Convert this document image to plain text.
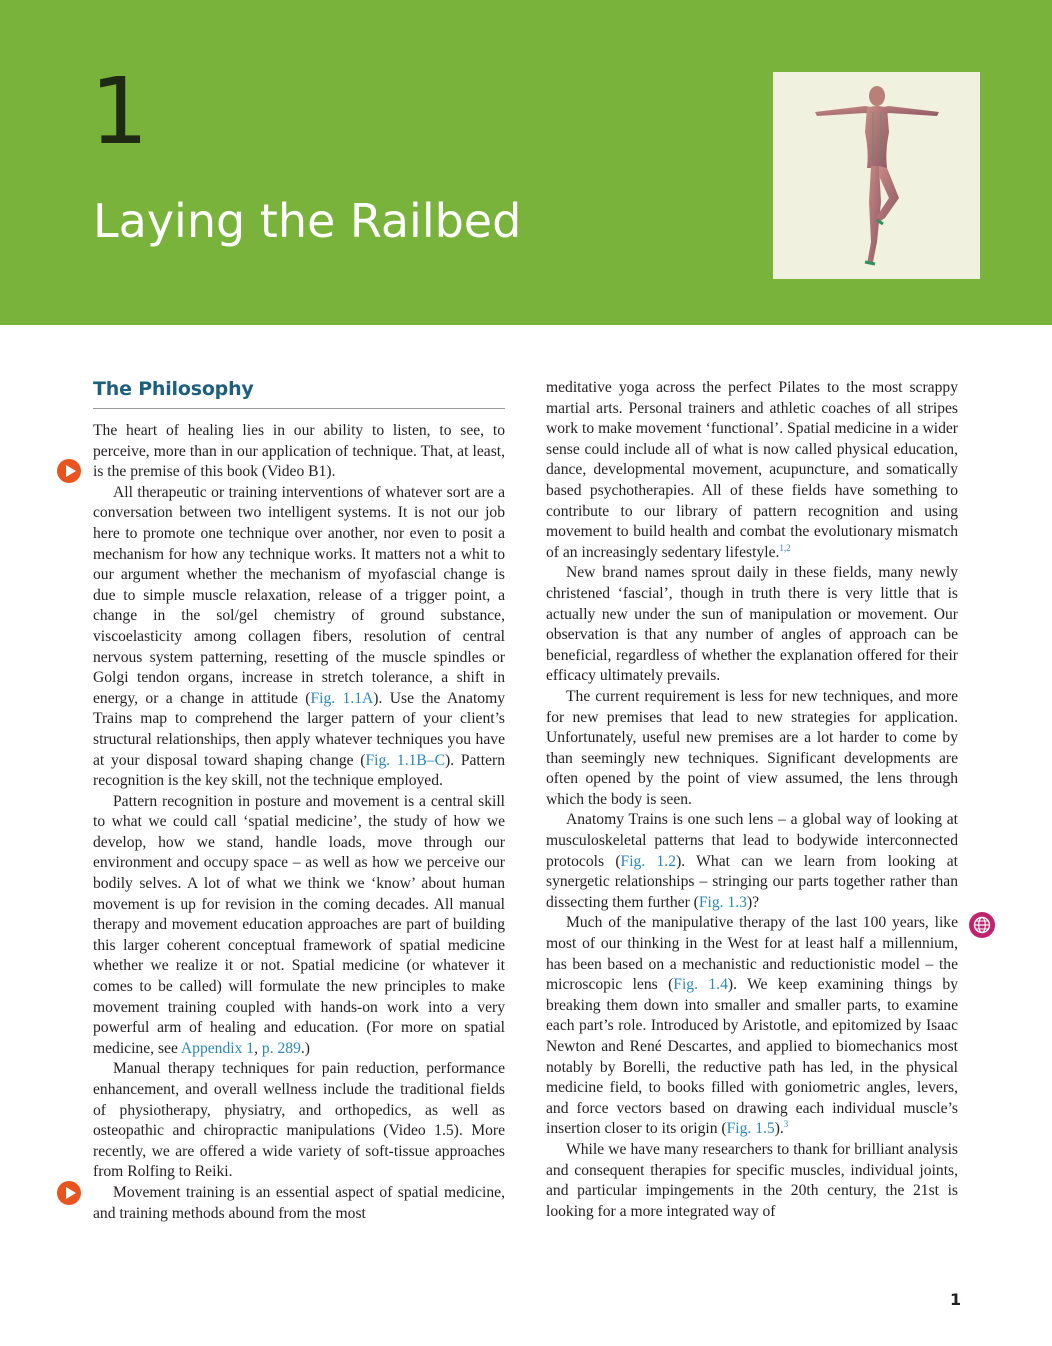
1
Laying the Railbed
The Philosophy

The heart of healing lies in our ability to listen, to see, to perceive, more than in our application of technique. That, at least, is the premise of this book (Video B1).

All therapeutic or training interventions of whatever sort are a conversation between two intelligent systems. It is not our job here to promote one technique over another, nor even to posit a mechanism for how any technique works. It matters not a whit to our argument whether the mechanism of myofascial change is due to simple muscle relaxation, release of a trigger point, a change in the sol/gel chemistry of ground substance, viscoelasticity among collagen fibers, resolution of central nervous system patterning, resetting of the muscle spindles or Golgi tendon organs, increase in stretch tolerance, a shift in energy, or a change in attitude (Fig. 1.1A). Use the Anatomy Trains map to comprehend the larger pattern of your client’s structural relationships, then apply whatever techniques you have at your disposal toward shaping change (Fig. 1.1B–C). Pattern recognition is the key skill, not the technique employed.

Pattern recognition in posture and movement is a central skill to what we could call ‘spatial medicine’, the study of how we develop, how we stand, handle loads, move through our environment and occupy space – as well as how we perceive our bodily selves. A lot of what we think we ‘know’ about human movement is up for revision in the coming decades. All manual therapy and movement education approaches are part of building this larger coherent conceptual framework of spatial medicine whether we realize it or not. Spatial medicine (or whatever it comes to be called) will formulate the new principles to make movement training coupled with hands-on work into a very powerful arm of healing and education. (For more on spatial medicine, see Appendix 1, p. 289.)

Manual therapy techniques for pain reduction, performance enhancement, and overall wellness include the traditional fields of physiotherapy, physiatry, and orthopedics, as well as osteopathic and chiropractic manipulations (Video 1.5). More recently, we are offered a wide variety of soft-tissue approaches from Rolfing to Reiki.

Movement training is an essential aspect of spatial medicine, and training methods abound from the most

meditative yoga across the perfect Pilates to the most scrappy martial arts. Personal trainers and athletic coaches of all stripes work to make movement ‘functional’. Spatial medicine in a wider sense could include all of what is now called physical education, dance, developmental movement, acupuncture, and somatically based psychotherapies. All of these fields have something to contribute to our library of pattern recognition and using movement to build health and combat the evolutionary mismatch of an increasingly sedentary lifestyle.$^{1,2}$

New brand names sprout daily in these fields, many newly christened ‘fascial’, though in truth there is very little that is actually new under the sun of manipulation or movement. Our observation is that any number of angles of approach can be beneficial, regardless of whether the explanation offered for their efficacy ultimately prevails.

The current requirement is less for new techniques, and more for new premises that lead to new strategies for application. Unfortunately, useful new premises are a lot harder to come by than seemingly new techniques. Significant developments are often opened by the point of view assumed, the lens through which the body is seen.

Anatomy Trains is one such lens – a global way of looking at musculoskeletal patterns that lead to bodywide interconnected protocols (Fig. 1.2). What can we learn from looking at synergetic relationships – stringing our parts together rather than dissecting them further (Fig. 1.3)?

Much of the manipulative therapy of the last 100 years, like most of our thinking in the West for at least half a millennium, has been based on a mechanistic and reductionistic model – the microscopic lens (Fig. 1.4). We keep examining things by breaking them down into smaller and smaller parts, to examine each part’s role. Introduced by Aristotle, and epitomized by Isaac Newton and René Descartes, and applied to biomechanics most notably by Borelli, the reductive path has led, in the physical medicine field, to books filled with goniometric angles, levers, and force vectors based on drawing each individual muscle’s insertion closer to its origin (Fig. 1.5).$^3$

While we have many researchers to thank for brilliant analysis and consequent therapies for specific muscles, individual joints, and particular impingements in the 20th century, the 21st is looking for a more integrated way of

1
